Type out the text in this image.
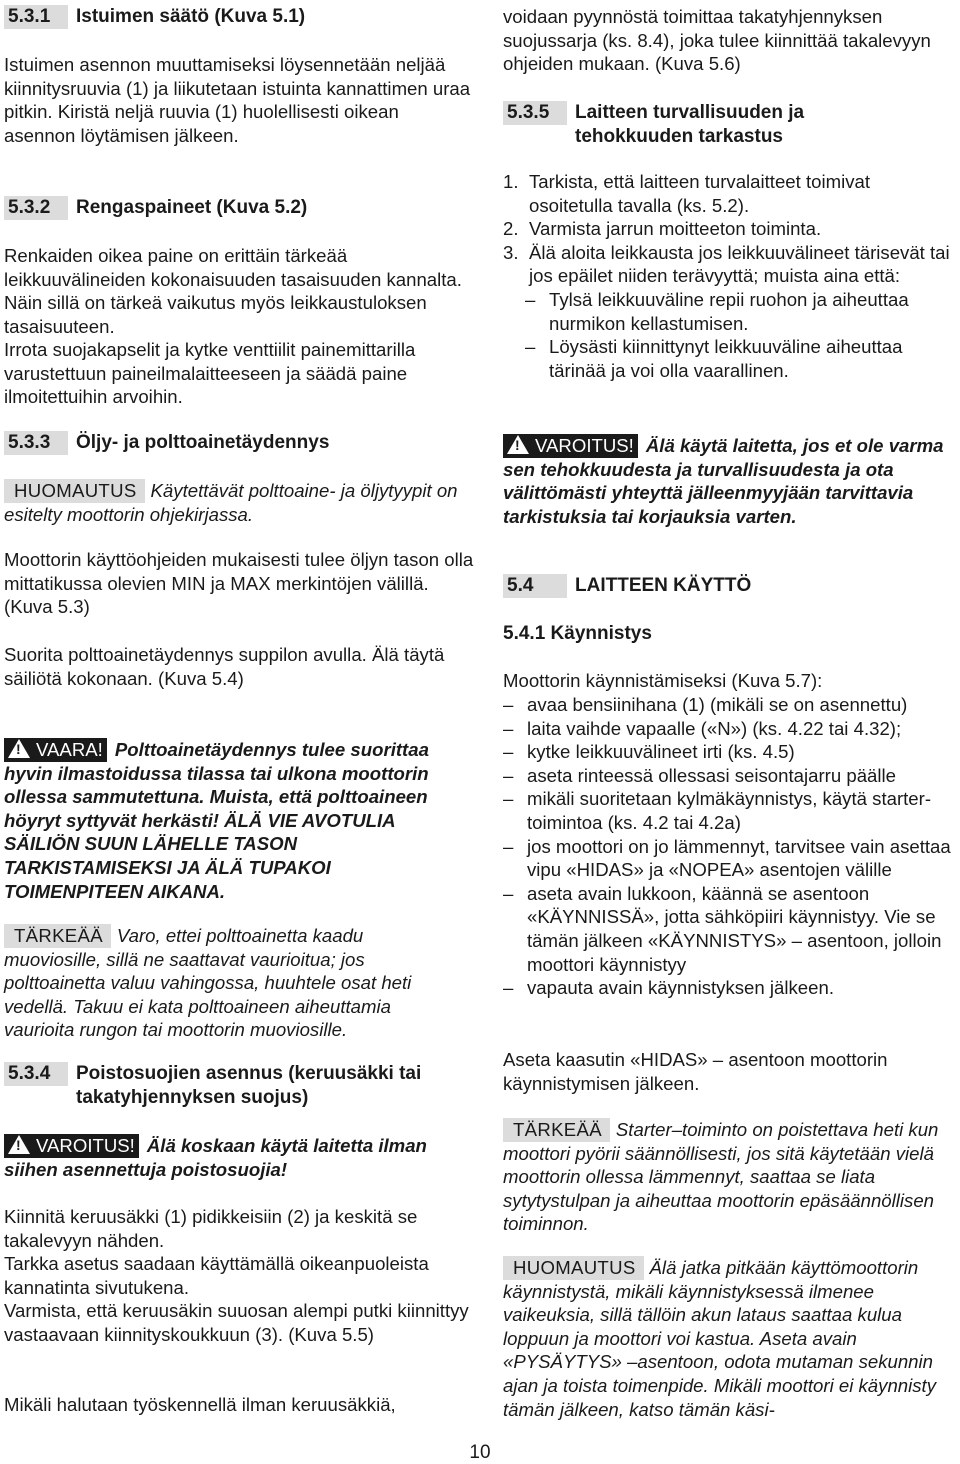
5.3.1 Istuimen säätö (Kuva 5.1)

Istuimen asennon muuttamiseksi löysennetään neljää kiinnitysruuvia (1) ja liikutetaan istuinta kannattimen uraa pitkin. Kiristä neljä ruuvia (1) huolellisesti oikean asennon löytämisen jälkeen.

5.3.2 Rengaspaineet (Kuva 5.2)

Renkaiden oikea paine on erittäin tärkeää leikkuuvälineiden kokonaisuuden tasaisuuden kannalta. Näin sillä on tärkeä vaikutus myös leikkaustuloksen tasaisuuteen.

Irrota suojakapselit ja kytke venttiilit painemittarilla varustettuun paineilmalaitteeseen ja säädä paine ilmoitettuihin arvoihin.

5.3.3 Öljy- ja polttoainetäydennys

HUOMAUTUS Käytettävät polttoaine- ja öljytyypit on esitelty moottorin ohjekirjassa.

Moottorin käyttöohjeiden mukaisesti tulee öljyn tason olla mittatikussa olevien MIN ja MAX merkintöjen välillä. (Kuva 5.3)

Suorita polttoainetäydennys suppilon avulla. Älä täytä säiliötä kokonaan. (Kuva 5.4)

!VAARA! Polttoainetäydennys tulee suorittaa hyvin ilmastoidussa tilassa tai ulkona moottorin ollessa sammutettuna. Muista, että polttoaineen höyryt syttyvät herkästi! ÄLÄ VIE AVOTULIA SÄILIÖN SUUN LÄHELLE TASON TARKISTAMISEKSI JA ÄLÄ TUPAKOI TOIMENPITEEN AIKANA.

TÄRKEÄÄ Varo, ettei polttoainetta kaadu muoviosille, sillä ne saattavat vaurioitua; jos polttoainetta valuu vahingossa, huuhtele osat heti vedellä. Takuu ei kata polttoaineen aiheuttamia vaurioita rungon tai moottorin muoviosille.

5.3.4 Poistosuojien asennus (keruusäkki tai takatyhjennyksen suojus)

!VAROITUS! Älä koskaan käytä laitetta ilman siihen asennettuja poistosuojia!

Kiinnitä keruusäkki (1) pidikkeisiin (2) ja keskitä se takalevyyn nähden.

Tarkka asetus saadaan käyttämällä oikeanpuoleista kannatinta sivutukena.

Varmista, että keruusäkin suuosan alempi putki kiinnittyy vastaavaan kiinnityskoukkuun (3). (Kuva 5.5)

Mikäli halutaan työskennellä ilman keruusäkkiä,

voidaan pyynnöstä toimittaa takatyhjennyksen suojussarja (ks. 8.4), joka tulee kiinnittää takalevyyn ohjeiden mukaan. (Kuva 5.6)

5.3.5 Laitteen turvallisuuden ja tehokkuuden tarkastus
1. Tarkista, että laitteen turvalaitteet toimivat osoitetulla tavalla (ks. 5.2).
2. Varmista jarrun moitteeton toiminta.
3. Älä aloita leikkausta jos leikkuuvälineet tärisevät tai jos epäilet niiden terävyyttä; muista aina että:
– Tylsä leikkuuväline repii ruohon ja aiheuttaa nurmikon kellastumisen.
– Löysästi kiinnittynyt leikkuuväline aiheuttaa tärinää ja voi olla vaarallinen.

!VAROITUS! Älä käytä laitetta, jos et ole varma sen tehokkuudesta ja turvallisuudesta ja ota välittömästi yhteyttä jälleenmyyjään tarvittavia tarkistuksia tai korjauksia varten.

5.4 LAITTEEN KÄYTTÖ
5.4.1 Käynnistys

Moottorin käynnistämiseksi (Kuva 5.7):

– avaa bensiinihana (1) (mikäli se on asennettu)
– laita vaihde vapaalle («N») (ks. 4.22 tai 4.32);
– kytke leikkuuvälineet irti (ks. 4.5)
– aseta rinteessä ollessasi seisontajarru päälle
– mikäli suoritetaan kylmäkäynnistys, käytä starter-toimintoa (ks. 4.2 tai 4.2a)
– jos moottori on jo lämmennyt, tarvitsee vain asettaa vipu «HIDAS» ja «NOPEA» asentojen välille
– aseta avain lukkoon, käännä se asentoon «KÄYNNISSÄ», jotta sähköpiiri käynnistyy. Vie se tämän jälkeen «KÄYNNISTYS» – asentoon, jolloin moottori käynnistyy
– vapauta avain käynnistyksen jälkeen.

Aseta kaasutin «HIDAS» – asentoon moottorin käynnistymisen jälkeen.

TÄRKEÄÄ Starter–toiminto on poistettava heti kun moottori pyörii säännöllisesti, jos sitä käytetään vielä moottorin ollessa lämmennyt, saattaa se liata sytytystulpan ja aiheuttaa moottorin epäsäännöllisen toiminnon.

HUOMAUTUS Älä jatka pitkään käyttömoottorin käynnistystä, mikäli käynnistyksessä ilmenee vaikeuksia, sillä tällöin akun lataus saattaa kulua loppuun ja moottori voi kastua. Aseta avain «PYSÄYTYS» –asentoon, odota mutaman sekunnin ajan ja toista toimenpide. Mikäli moottori ei käynnisty tämän jälkeen, katso tämän käsi-

10
